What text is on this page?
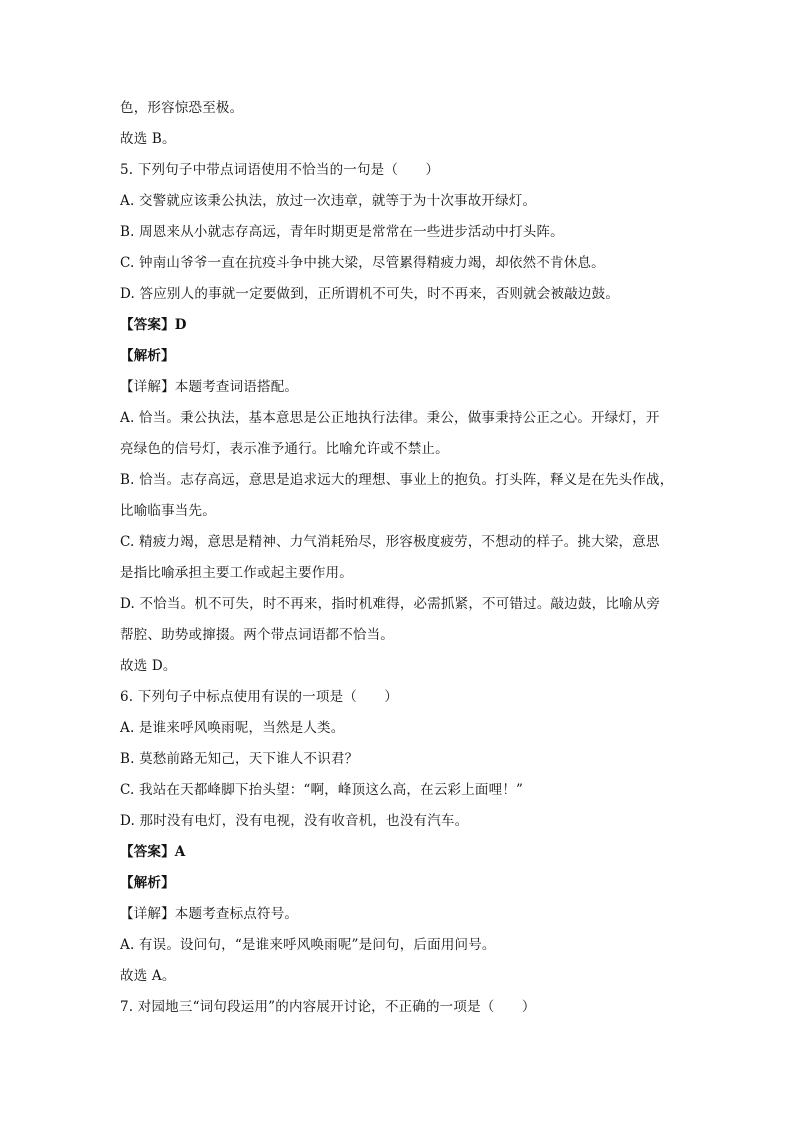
色，形容惊恐至极。
故选 B。
5. 下列句子中带点词语使用不恰当的一句是（　　）
A. 交警就应该秉公执法，放过一次违章，就等于为十次事故开绿灯。
B. 周恩来从小就志存高远，青年时期更是常常在一些进步活动中打头阵。
C. 钟南山爷爷一直在抗疫斗争中挑大梁，尽管累得精疲力竭，却依然不肯休息。
D. 答应别人的事就一定要做到，正所谓机不可失，时不再来，否则就会被敲边鼓。
【答案】D
【解析】
【详解】本题考查词语搭配。
A. 恰当。秉公执法，基本意思是公正地执行法律。秉公，做事秉持公正之心。开绿灯，开
亮绿色的信号灯，表示准予通行。比喻允许或不禁止。
B. 恰当。志存高远，意思是追求远大的理想、事业上的抱负。打头阵，释义是在先头作战，
比喻临事当先。
C. 精疲力竭，意思是精神、力气消耗殆尽，形容极度疲劳，不想动的样子。挑大梁，意思
是指比喻承担主要工作或起主要作用。
D. 不恰当。机不可失，时不再来，指时机难得，必需抓紧，不可错过。敲边鼓，比喻从旁
帮腔、助势或撺掇。两个带点词语都不恰当。
故选 D。
6. 下列句子中标点使用有误的一项是（　　）
A. 是谁来呼风唤雨呢，当然是人类。
B. 莫愁前路无知己，天下谁人不识君？
C. 我站在天都峰脚下抬头望：“啊，峰顶这么高，在云彩上面哩！”
D. 那时没有电灯，没有电视，没有收音机，也没有汽车。
【答案】A
【解析】
【详解】本题考查标点符号。
A. 有误。设问句，“是谁来呼风唤雨呢”是问句，后面用问号。
故选 A。
7. 对园地三“词句段运用”的内容展开讨论，不正确的一项是（　　）
